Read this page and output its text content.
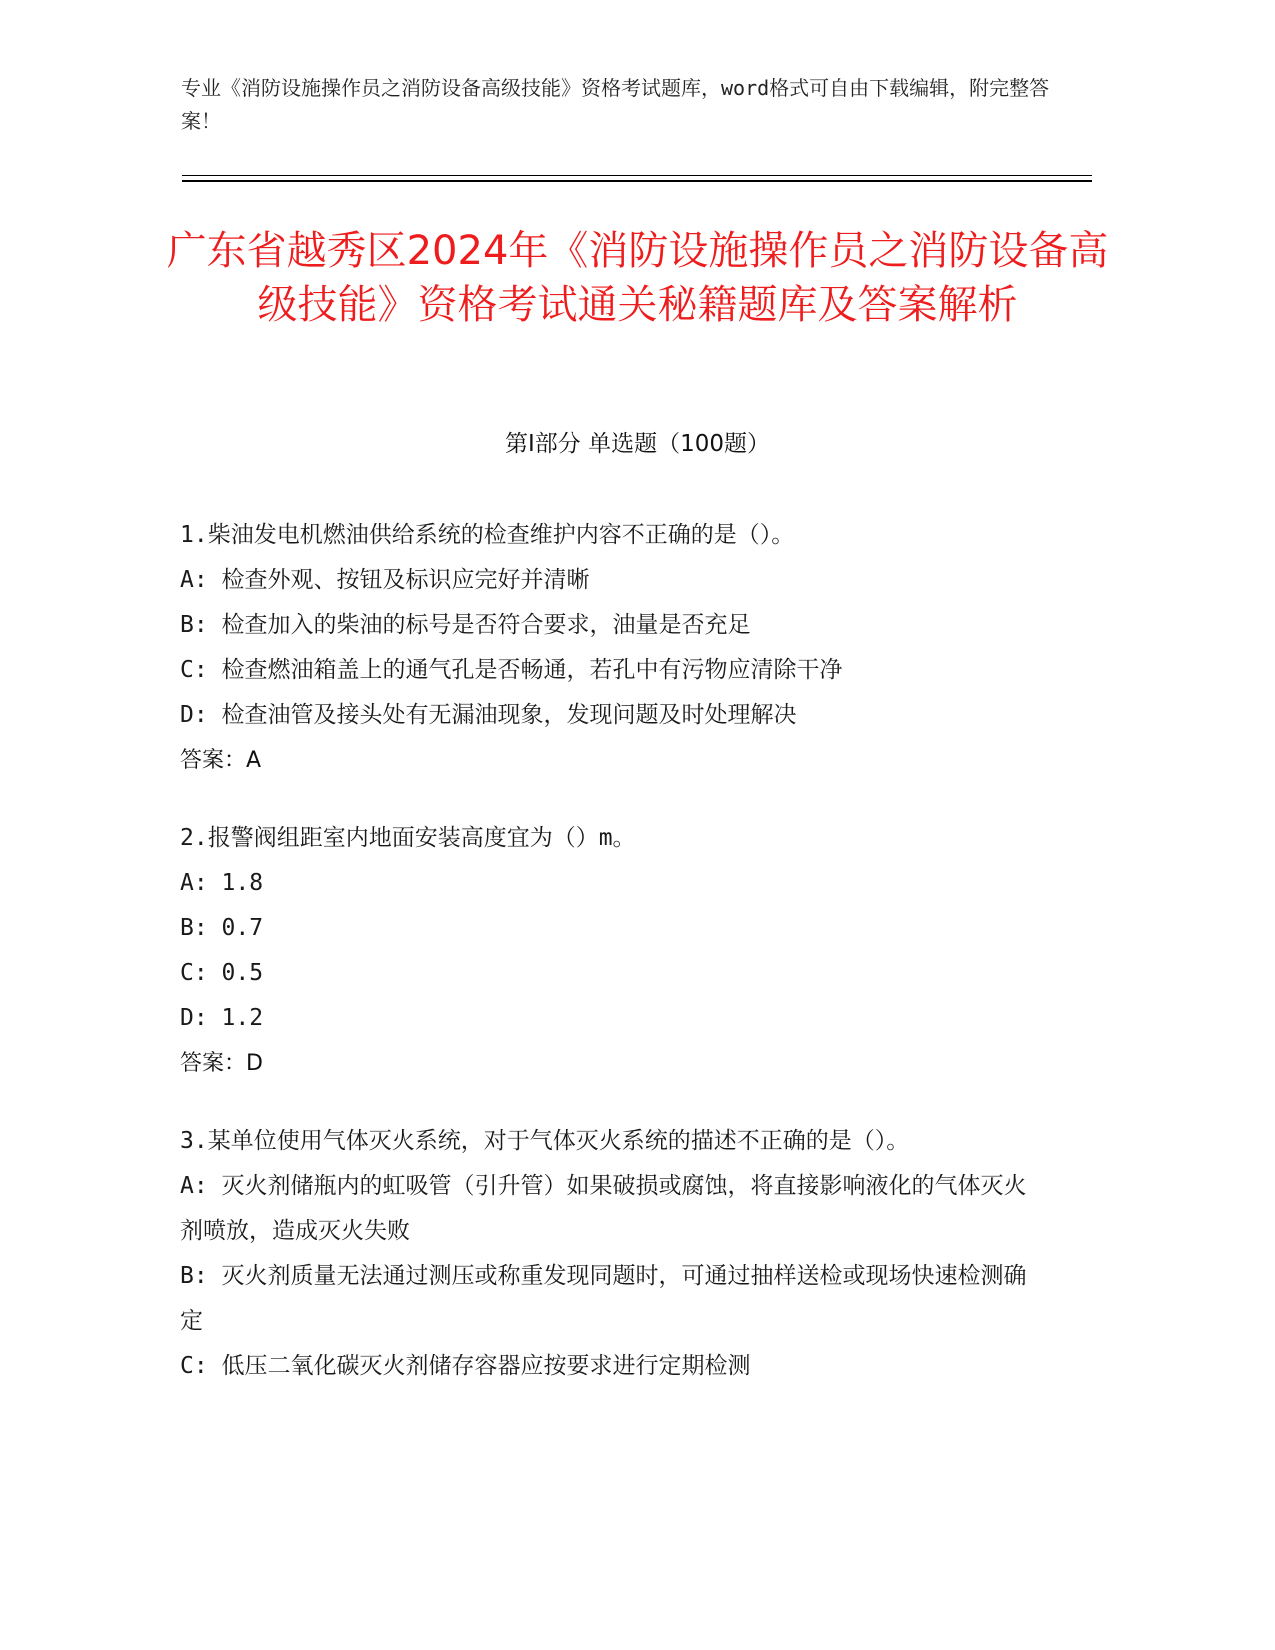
专业《消防设施操作员之消防设备高级技能》资格考试题库，word格式可自由下载编辑，附完整答案！
广东省越秀区2024年《消防设施操作员之消防设备高级技能》资格考试通关秘籍题库及答案解析
第I部分 单选题（100题）
1.柴油发电机燃油供给系统的检查维护内容不正确的是（）。
A: 检查外观、按钮及标识应完好并清晰
B: 检查加入的柴油的标号是否符合要求，油量是否充足
C: 检查燃油箱盖上的通气孔是否畅通，若孔中有污物应清除干净
D: 检查油管及接头处有无漏油现象，发现问题及时处理解决
答案：A
2.报警阀组距室内地面安装高度宜为（）m。
A: 1.8
B: 0.7
C: 0.5
D: 1.2
答案：D
3.某单位使用气体灭火系统，对于气体灭火系统的描述不正确的是（）。
A: 灭火剂储瓶内的虹吸管（引升管）如果破损或腐蚀，将直接影响液化的气体灭火剂喷放，造成灭火失败
B: 灭火剂质量无法通过测压或称重发现同题时，可通过抽样送检或现场快速检测确定
C: 低压二氧化碳灭火剂储存容器应按要求进行定期检测
